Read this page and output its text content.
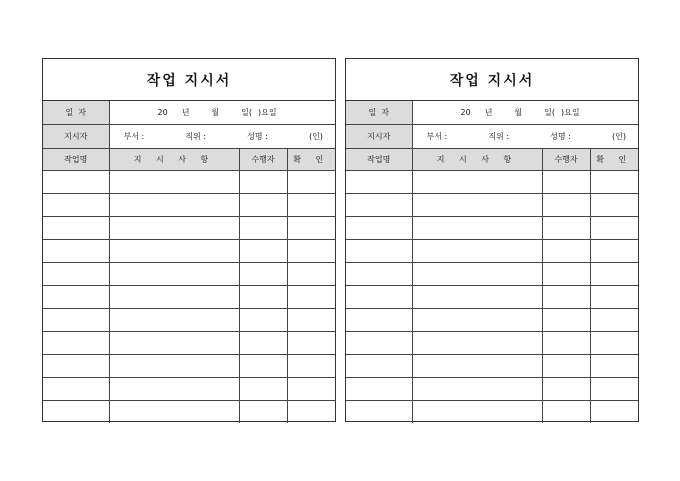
작업 지시서
일  자	20 년 월 일( )요일		
지시자	부서 : 직위 : 성명 : (인)		

작업명	지 시 사 항	수행자	확 인

작업 지시서
일  자	20 년 월 일( )요일		
지시자	부서 : 직위 : 성명 : (인)		

작업명	지 시 사 항	수행자	확 인
